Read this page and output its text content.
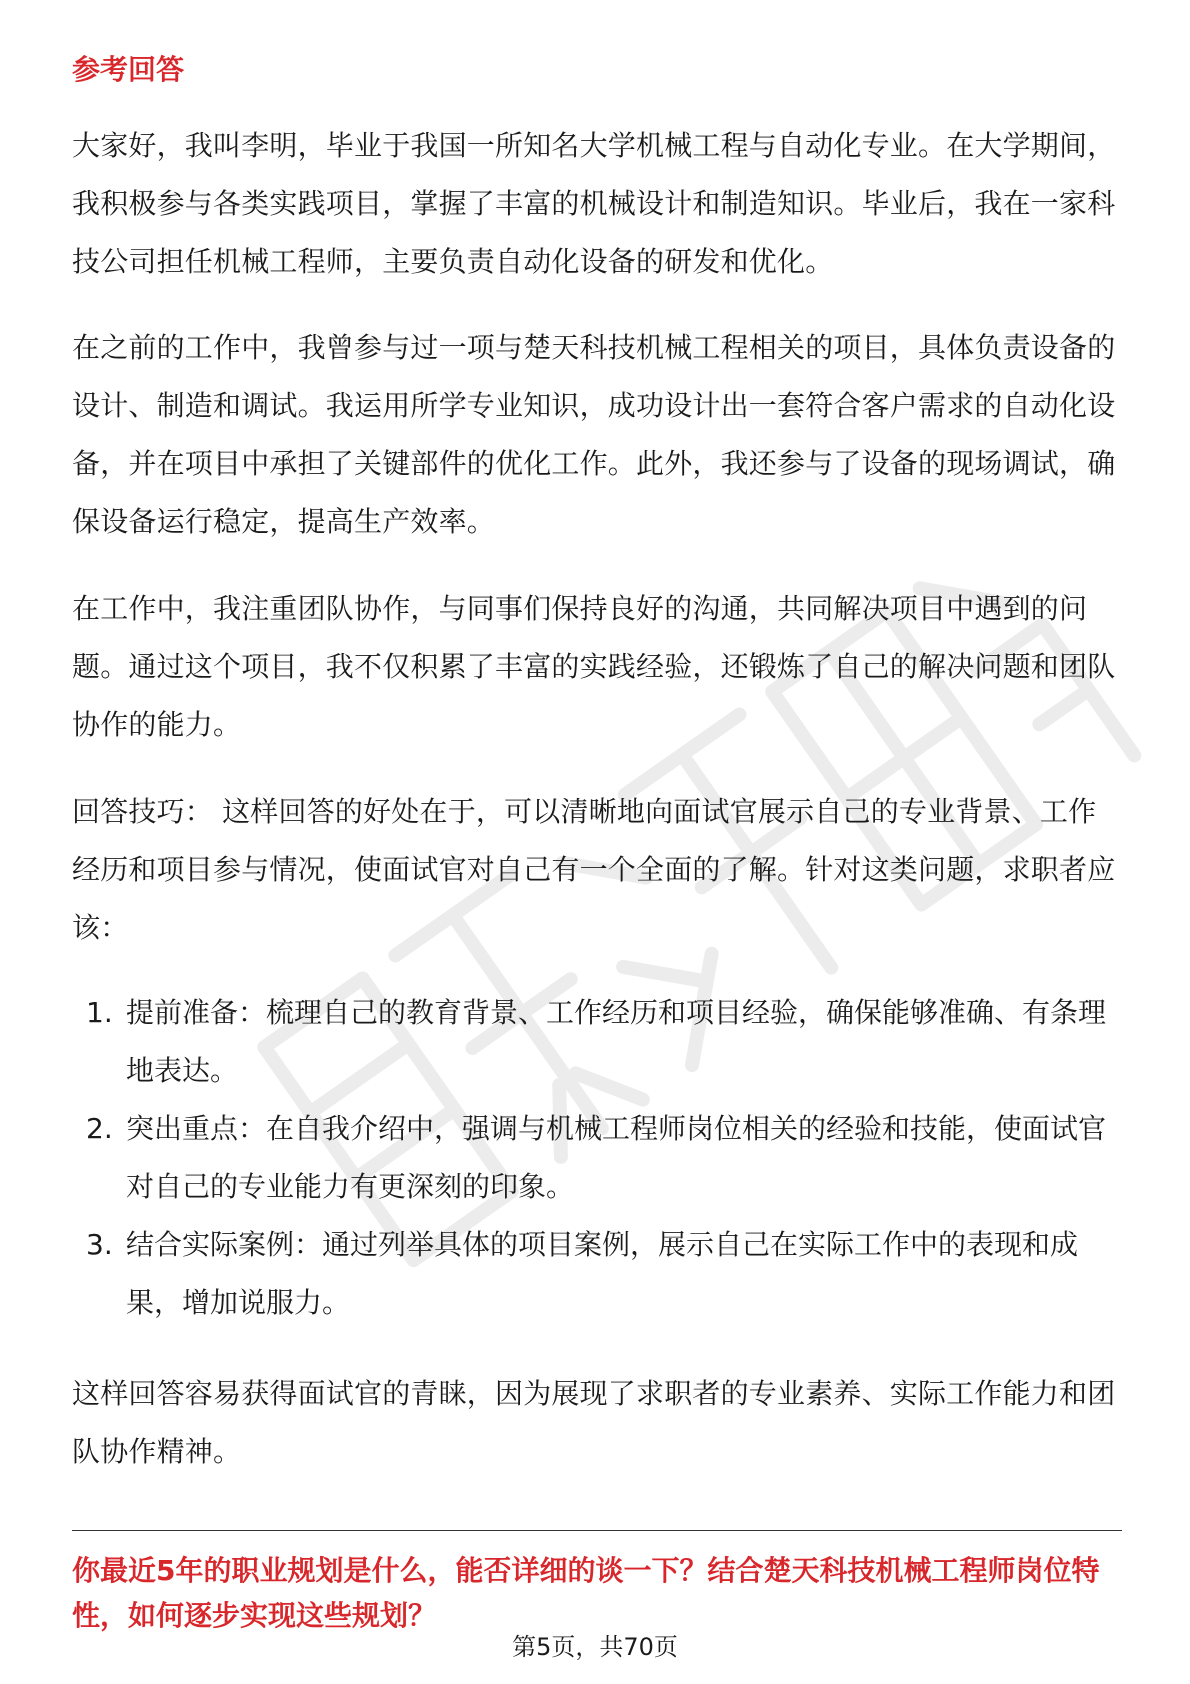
参考回答

大家好，我叫李明，毕业于我国一所知名大学机械工程与自动化专业。在大学期间，我积极参与各类实践项目，掌握了丰富的机械设计和制造知识。毕业后，我在一家科技公司担任机械工程师，主要负责自动化设备的研发和优化。

在之前的工作中，我曾参与过一项与楚天科技机械工程相关的项目，具体负责设备的设计、制造和调试。我运用所学专业知识，成功设计出一套符合客户需求的自动化设备，并在项目中承担了关键部件的优化工作。此外，我还参与了设备的现场调试，确保设备运行稳定，提高生产效率。

在工作中，我注重团队协作，与同事们保持良好的沟通，共同解决项目中遇到的问题。通过这个项目，我不仅积累了丰富的实践经验，还锻炼了自己的解决问题和团队协作的能力。

回答技巧： 这样回答的好处在于，可以清晰地向面试官展示自己的专业背景、工作经历和项目参与情况，使面试官对自己有一个全面的了解。针对这类问题，求职者应该：

1. 提前准备：梳理自己的教育背景、工作经历和项目经验，确保能够准确、有条理地表达。
2. 突出重点：在自我介绍中，强调与机械工程师岗位相关的经验和技能，使面试官对自己的专业能力有更深刻的印象。
3. 结合实际案例：通过列举具体的项目案例，展示自己在实际工作中的表现和成果，增加说服力。

这样回答容易获得面试官的青睐，因为展现了求职者的专业素养、实际工作能力和团队协作精神。

你最近5年的职业规划是什么，能否详细的谈一下？结合楚天科技机械工程师岗位特性，如何逐步实现这些规划？

第5页，共70页
